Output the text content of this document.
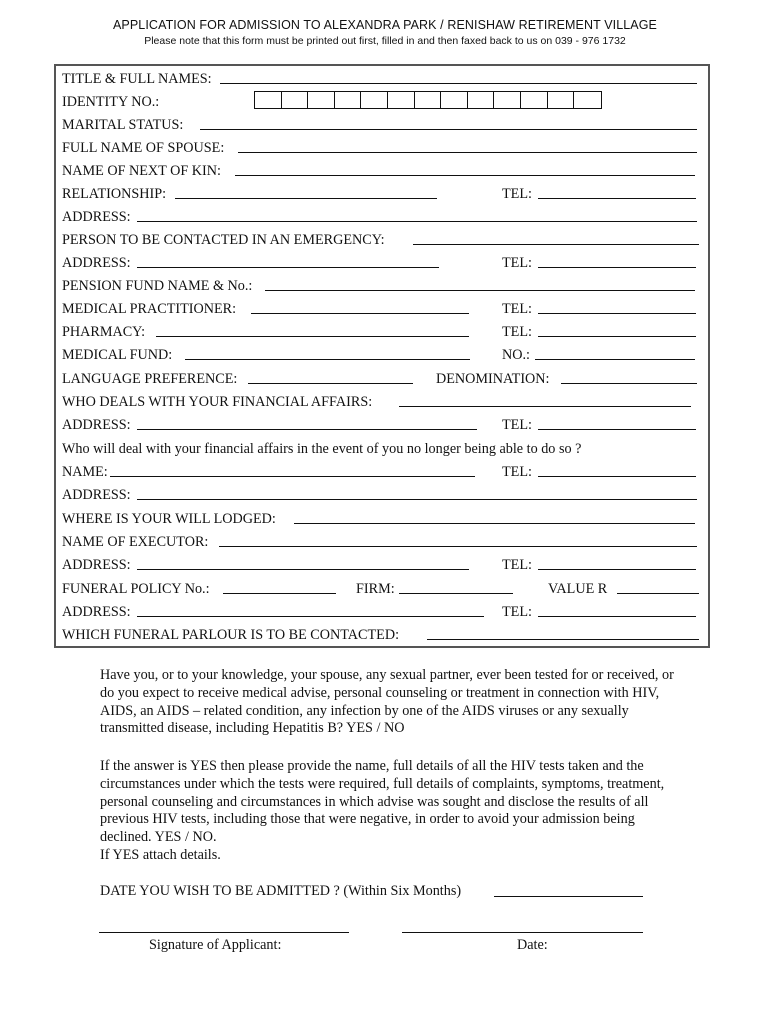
APPLICATION FOR ADMISSION TO ALEXANDRA PARK / RENISHAW RETIREMENT VILLAGE
Please note that this form must be printed out first, filled in and then faxed back to us on 039 - 976 1732
TITLE & FULL NAMES:
IDENTITY NO.:
MARITAL STATUS:
FULL NAME OF SPOUSE:
NAME OF NEXT OF KIN:
RELATIONSHIP:	TEL:
ADDRESS:
PERSON TO BE CONTACTED IN AN EMERGENCY:
ADDRESS:	TEL:
PENSION FUND NAME & No.:
MEDICAL PRACTITIONER:	TEL:
PHARMACY:	TEL:
MEDICAL FUND:	NO.:
LANGUAGE PREFERENCE:	DENOMINATION:
WHO DEALS WITH YOUR FINANCIAL AFFAIRS:
ADDRESS:	TEL:
Who will deal with your financial affairs in the event of you no longer being able to do so ?
NAME:	TEL:
ADDRESS:
WHERE IS YOUR WILL LODGED:
NAME OF EXECUTOR:
ADDRESS:	TEL:
FUNERAL POLICY No.:	FIRM:	VALUE R
ADDRESS:	TEL:
WHICH FUNERAL PARLOUR IS TO BE CONTACTED:
Have you, or to your knowledge, your spouse, any sexual partner, ever been tested for or received, or
do you expect to receive medical advise, personal counseling or treatment in connection with HIV,
AIDS, an AIDS – related condition, any infection by one of the AIDS viruses or any sexually
transmitted disease, including Hepatitis B? YES / NO
If the answer is YES then please provide the name, full details of all the HIV tests taken and the
circumstances under which the tests were required, full details of complaints, symptoms, treatment,
personal counseling and circumstances in which advise was sought and disclose the results of all
previous HIV tests, including those that were negative, in order to avoid your admission being
declined. YES / NO.
If YES attach details.
DATE YOU WISH TO BE ADMITTED ? (Within Six Months)
Signature of Applicant:	Date:
